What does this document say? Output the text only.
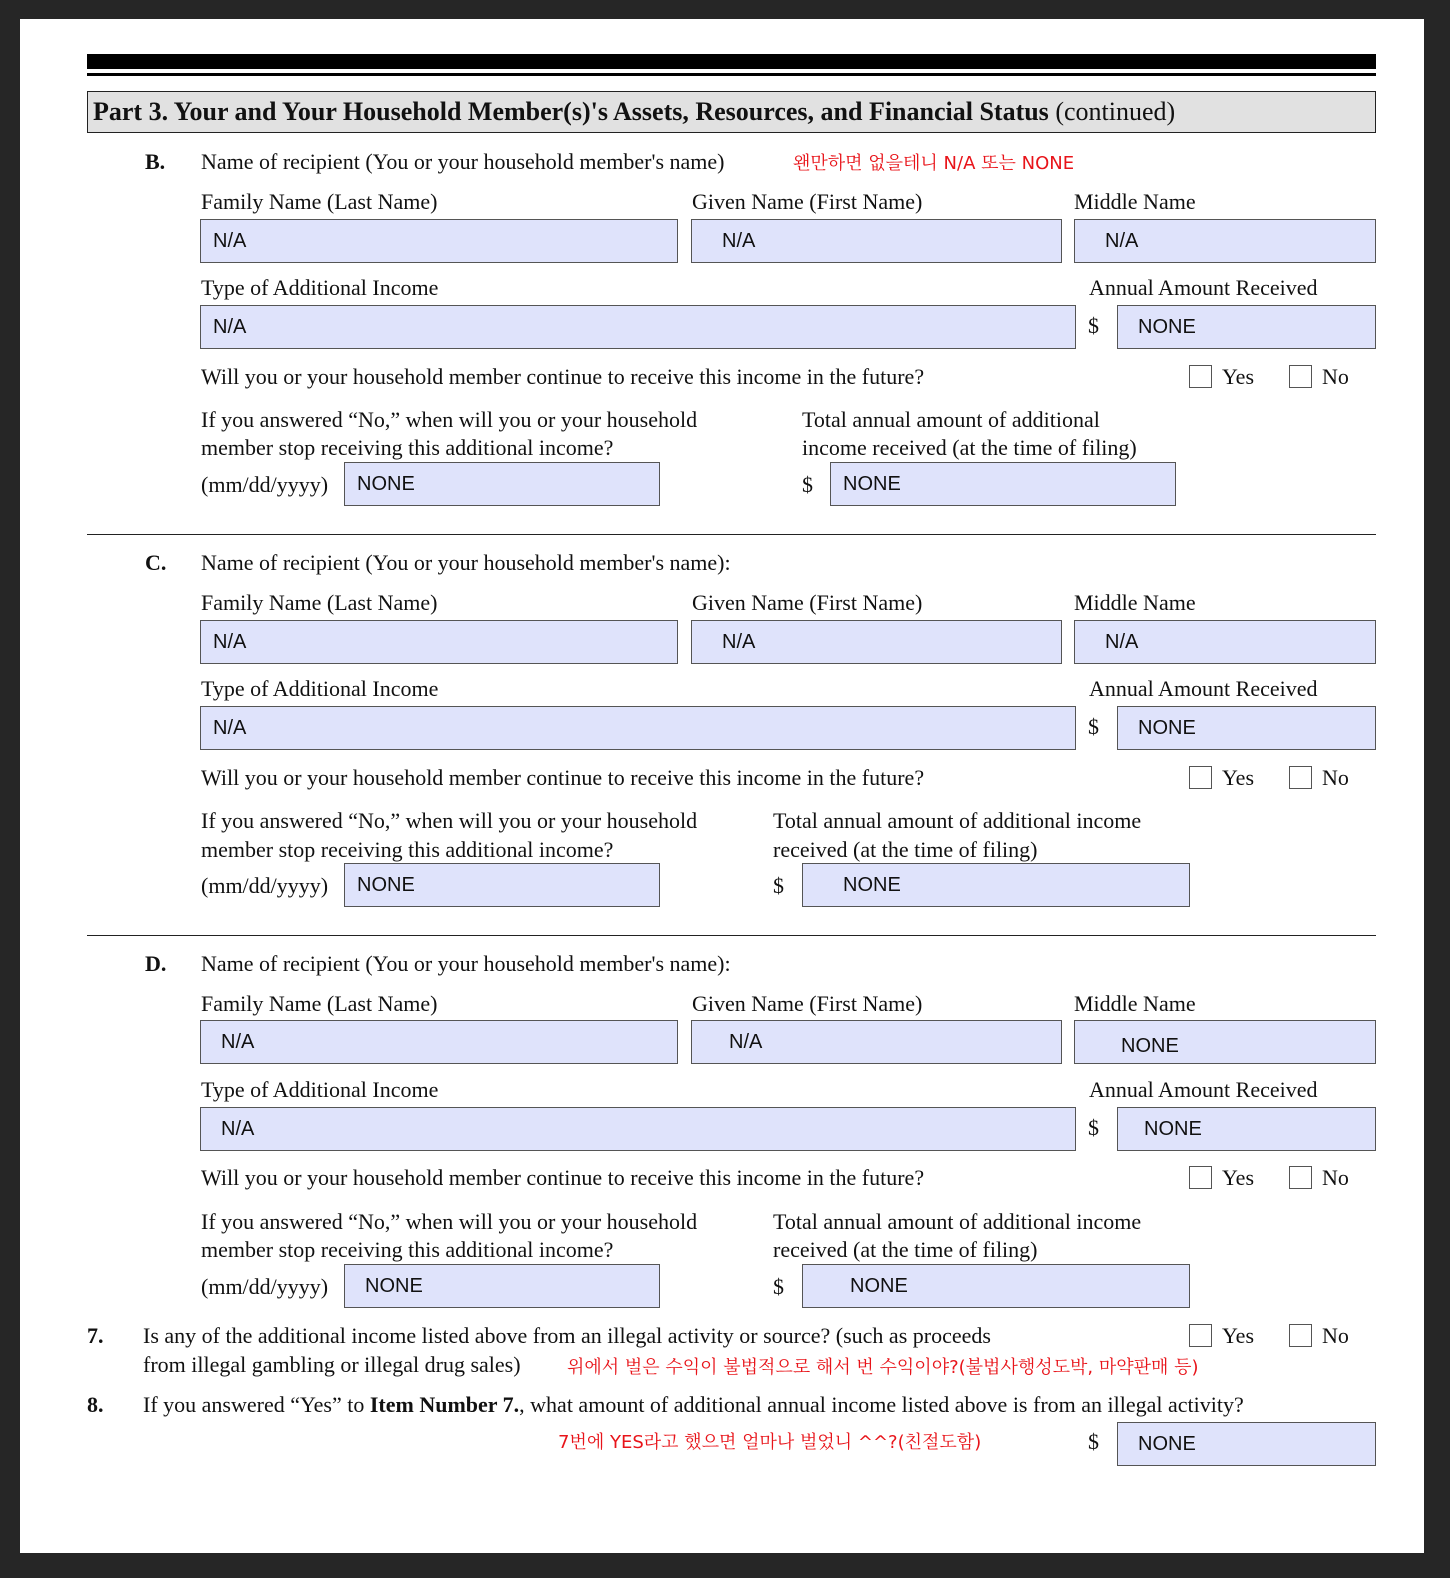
Part 3. Your and Your Household Member(s)'s Assets, Resources, and Financial Status (continued)
B. Name of recipient (You or your household member's name)	왠만하면 없을테니 N/A 또는 NONE
Family Name (Last Name)	Given Name (First Name)	Middle Name
N/A	N/A	N/A
Type of Additional Income	Annual Amount Received
N/A	$	NONE
Will you or your household member continue to receive this income in the future?	Yes	No
If you answered “No,” when will you or your household
member stop receiving this additional income?
Total annual amount of additional
income received (at the time of filing)
(mm/dd/yyyy)	NONE	$	NONE
C. Name of recipient (You or your household member's name):
Family Name (Last Name)	Given Name (First Name)	Middle Name
N/A	N/A	N/A
Type of Additional Income	Annual Amount Received
N/A	$	NONE
Will you or your household member continue to receive this income in the future?	Yes	No
If you answered “No,” when will you or your household
member stop receiving this additional income?
Total annual amount of additional income
received (at the time of filing)
(mm/dd/yyyy)	NONE	$	NONE
D. Name of recipient (You or your household member's name):
Family Name (Last Name)	Given Name (First Name)	Middle Name
N/A	N/A	NONE
Type of Additional Income	Annual Amount Received
N/A	$	NONE
Will you or your household member continue to receive this income in the future?	Yes	No
If you answered “No,” when will you or your household
member stop receiving this additional income?
Total annual amount of additional income
received (at the time of filing)
(mm/dd/yyyy)	NONE	$	NONE
7. Is any of the additional income listed above from an illegal activity or source? (such as proceeds
from illegal gambling or illegal drug sales)	위에서 벌은 수익이 불법적으로 해서 번 수익이야?(불법사행성도박, 마약판매 등)
Yes	No
8. If you answered “Yes” to Item Number 7., what amount of additional annual income listed above is from an illegal activity?
7번에 YES라고 했으면 얼마나 벌었니 ^^?(친절도함)	$	NONE
